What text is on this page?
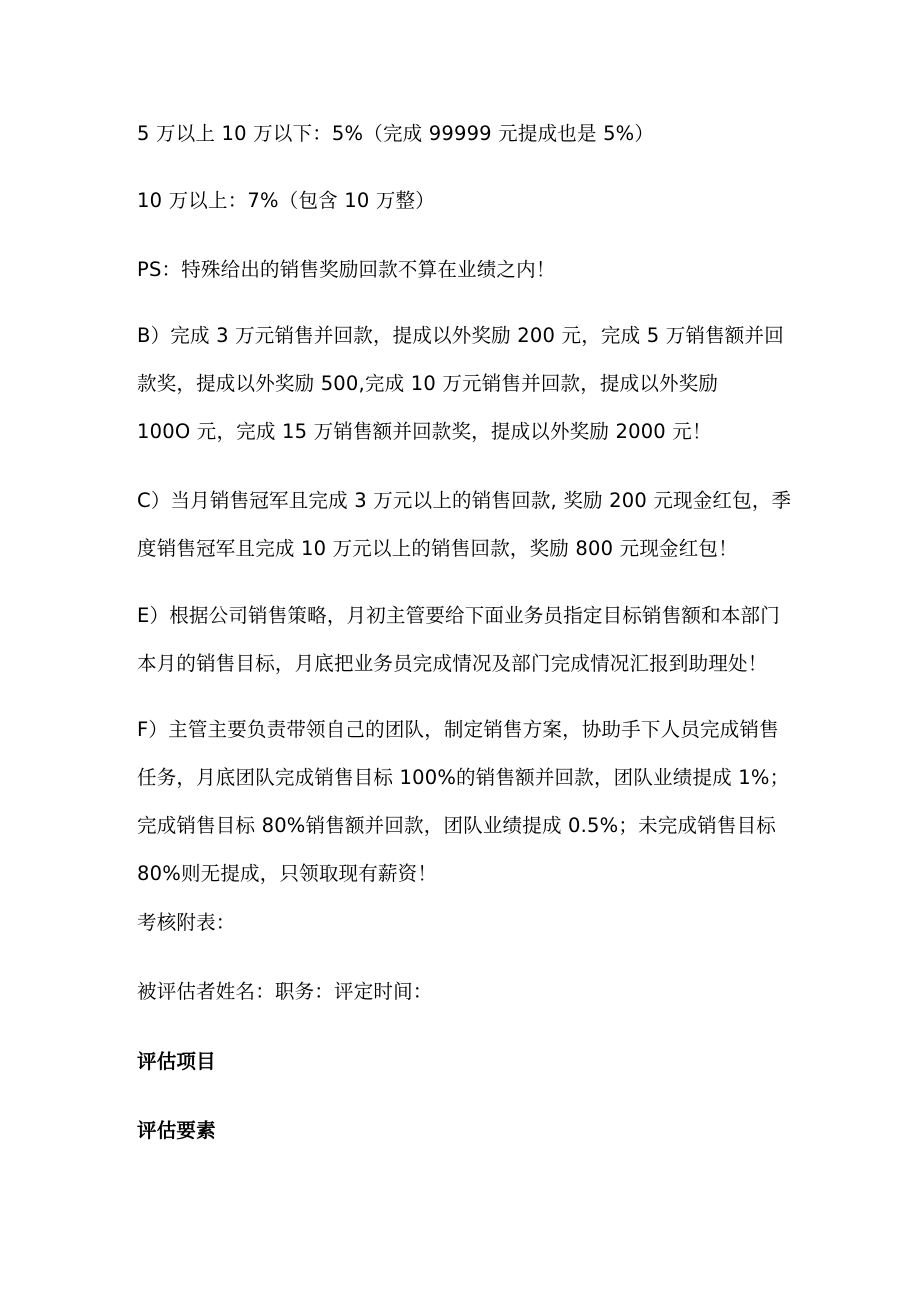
5 万以上 10 万以下：5%（完成 99999 元提成也是 5%）

10 万以上：7%（包含 10 万整）

PS：特殊给出的销售奖励回款不算在业绩之内！

B）完成 3 万元销售并回款，提成以外奖励 200 元，完成 5 万销售额并回
款奖，提成以外奖励 500,完成 10 万元销售并回款，提成以外奖励
100O 元，完成 15 万销售额并回款奖，提成以外奖励 2000 元！

C）当月销售冠军且完成 3 万元以上的销售回款, 奖励 200 元现金红包，季
度销售冠军且完成 10 万元以上的销售回款，奖励 800 元现金红包！

E）根据公司销售策略，月初主管要给下面业务员指定目标销售额和本部门
本月的销售目标，月底把业务员完成情况及部门完成情况汇报到助理处！

F）主管主要负责带领自己的团队，制定销售方案，协助手下人员完成销售
任务，月底团队完成销售目标 100%的销售额并回款，团队业绩提成 1%；
完成销售目标 80%销售额并回款，团队业绩提成 0.5%；未完成销售目标
80%则无提成，只领取现有薪资！

考核附表：

被评估者姓名：职务：评定时间：

评估项目

评估要素
